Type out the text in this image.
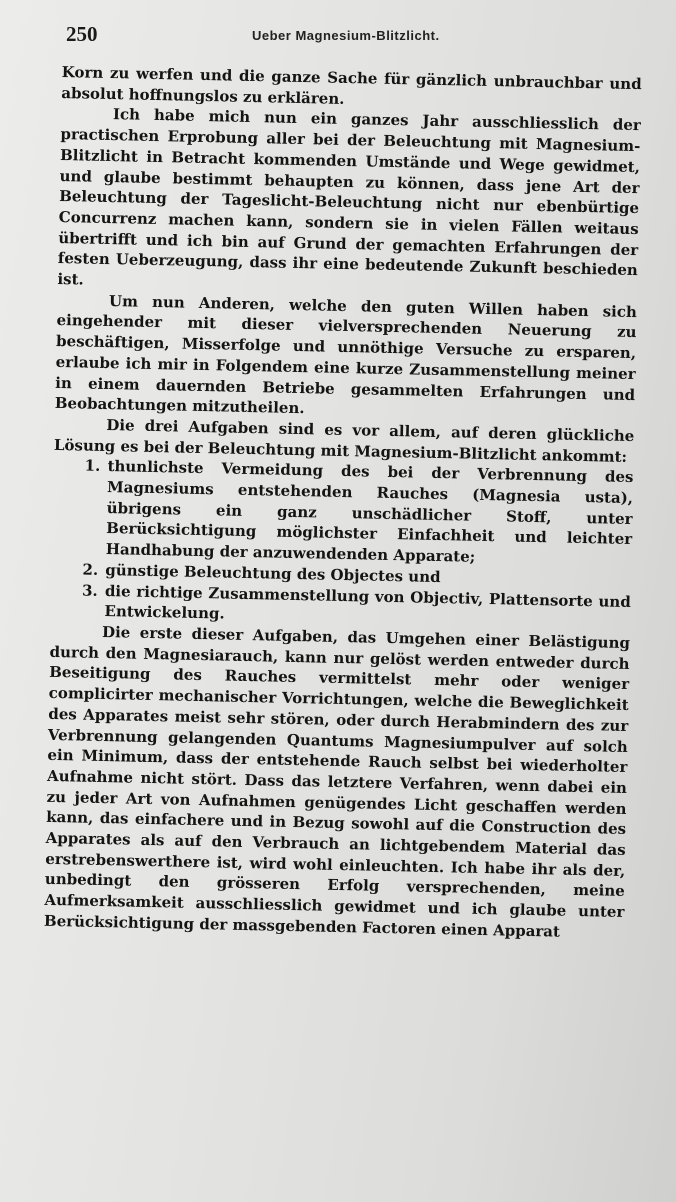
250	Ueber Magnesium-Blitzlicht.

Korn zu werfen und die ganze Sache für gänzlich unbrauchbar und absolut hoffnungslos zu erklären.

Ich habe mich nun ein ganzes Jahr ausschliesslich der practischen Erprobung aller bei der Beleuchtung mit Magnesium-Blitzlicht in Betracht kommenden Umstände und Wege gewidmet, und glaube bestimmt behaupten zu können, dass jene Art der Beleuchtung der Tageslicht-Beleuchtung nicht nur ebenbürtige Concurrenz machen kann, sondern sie in vielen Fällen weitaus übertrifft und ich bin auf Grund der gemachten Erfahrungen der festen Ueberzeugung, dass ihr eine bedeutende Zukunft beschieden ist.

Um nun Anderen, welche den guten Willen haben sich eingehender mit dieser vielversprechenden Neuerung zu beschäftigen, Misserfolge und unnöthige Versuche zu ersparen, erlaube ich mir in Folgendem eine kurze Zusammenstellung meiner in einem dauernden Betriebe gesammelten Erfahrungen und Beobachtungen mitzutheilen.

Die drei Aufgaben sind es vor allem, auf deren glückliche Lösung es bei der Beleuchtung mit Magnesium-Blitzlicht ankommt:

1. thunlichste Vermeidung des bei der Verbrennung des Magnesiums entstehenden Rauches (Magnesia usta), übrigens ein ganz unschädlicher Stoff, unter Berücksichtigung möglichster Einfachheit und leichter Handhabung der anzuwendenden Apparate;
2. günstige Beleuchtung des Objectes und
3. die richtige Zusammenstellung von Objectiv, Plattensorte und Entwickelung.

Die erste dieser Aufgaben, das Umgehen einer Belästigung durch den Magnesiarauch, kann nur gelöst werden entweder durch Beseitigung des Rauches vermittelst mehr oder weniger complicirter mechanischer Vorrichtungen, welche die Beweglichkeit des Apparates meist sehr stören, oder durch Herabmindern des zur Verbrennung gelangenden Quantums Magnesiumpulver auf solch ein Minimum, dass der entstehende Rauch selbst bei wiederholter Aufnahme nicht stört. Dass das letztere Verfahren, wenn dabei ein zu jeder Art von Aufnahmen genügendes Licht geschaffen werden kann, das einfachere und in Bezug sowohl auf die Construction des Apparates als auf den Verbrauch an lichtgebendem Material das erstrebenswerthere ist, wird wohl einleuchten. Ich habe ihr als der, unbedingt den grösseren Erfolg versprechenden, meine Aufmerksamkeit ausschliesslich gewidmet und ich glaube unter Berücksichtigung der massgebenden Factoren einen Apparat
